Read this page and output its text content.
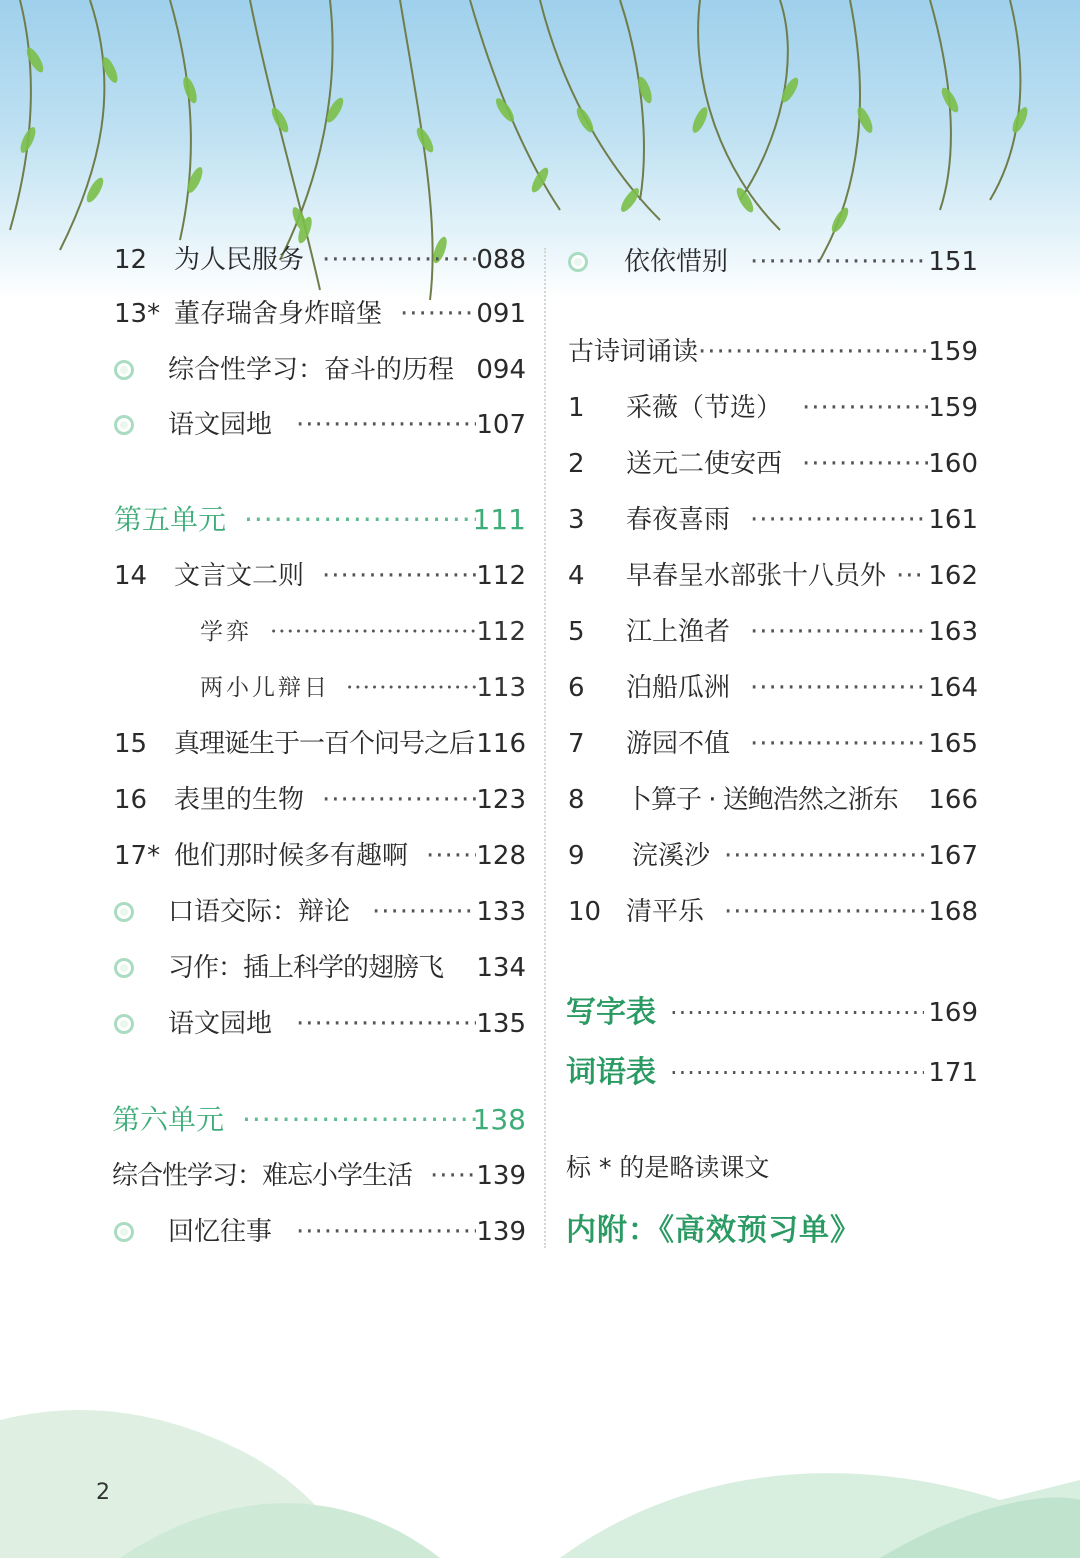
12 为人民服务 ·····	088
13* 董存瑞舍身炸暗堡 ·····	091
综合性学习：奋斗的历程 094
语文园地 ·····	107
第五单元 ·····	111
14 文言文二则 ·····	112
学弈 ·····	112
两小儿辩日 ·····	113
15 真理诞生于一百个问号之后 116
16 表里的生物 ·····	123
17* 他们那时候多有趣啊 ·····	128
口语交际：辩论 ·····	133
习作：插上科学的翅膀飞 134
语文园地 ·····	135
第六单元 ·····	138
综合性学习：难忘小学生活 ····· 139
回忆往事 ·····	139
依依惜别 ·····	151
古诗词诵读 ·····	159
1 采薇（节选） ·····	159
2 送元二使安西 ·····	160
3 春夜喜雨 ·····	161
4 早春呈水部张十八员外 ····· 162
5 江上渔者 ·····	163
6 泊船瓜洲 ·····	164
7 游园不值 ·····	165
8 卜算子 · 送鲍浩然之浙东 166
9 浣溪沙 ·····	167
10 清平乐 ·····	168
写字表 ·····	169
词语表 ·····	171
标 * 的是略读课文
内附：《高效预习单》
2
